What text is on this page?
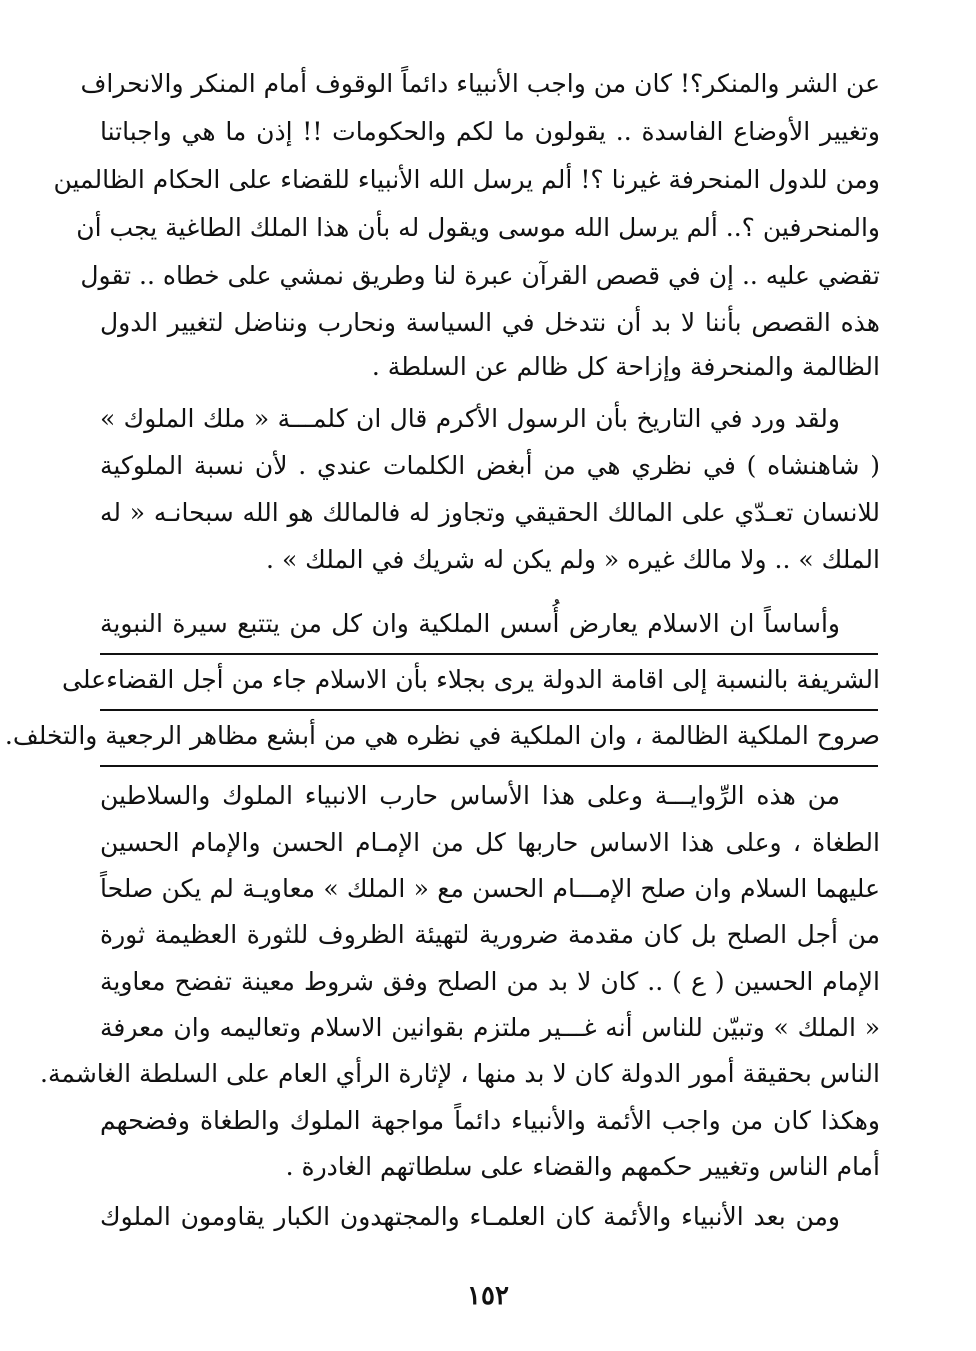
عن الشر والمنكر؟! كان من واجب الأنبياء دائماً الوقوف أمام المنكر والانحراف
وتغيير الأوضاع الفاسدة .. يقولون ما لكم والحكومات !! إذن ما هي واجباتنا
ومن للدول المنحرفة غيرنا ؟! ألم يرسل الله الأنبياء للقضاء على الحكام الظالمين
والمنحرفين ؟.. ألم يرسل الله موسى ويقول له بأن هذا الملك الطاغية يجب أن
تقضي عليه .. إن في قصص القرآن عبرة لنا وطريق نمشي على خطاه .. تقول
هذه القصص بأننا لا بد أن نتدخل في السياسة ونحارب ونناضل لتغيير الدول
الظالمة والمنحرفة وإزاحة كل ظالم عن السلطة .
ولقد ورد في التاريخ بأن الرسول الأكرم قال ان كلمـــة « ملك الملوك »
( شاهنشاه ) في نظري هي من أبغض الكلمات عندي . لأن نسبة الملوكية
للانسان تعـدّي على المالك الحقيقي وتجاوز له فالمالك هو الله سبحانـه « له
الملك » .. ولا مالك غيره « ولم يكن له شريك في الملك » .
وأساساً ان الاسلام يعارض أُسس الملكية وان كل من يتتبع سيرة النبوية
الشريفة بالنسبة إلى اقامة الدولة يرى بجلاء بأن الاسلام جاء من أجل القضاءعلى
صروح الملكية الظالمة ، وان الملكية في نظره هي من أبشع مظاهر الرجعية والتخلف.
من هذه الرِّوايـــة وعلى هذا الأساس حارب الانبياء الملوك والسلاطين
الطغاة ، وعلى هذا الاساس حاربها كل من الإمـام الحسن والإمام الحسين
عليهما السلام وان صلح الإمـــام الحسن مع « الملك » معاويـة لم يكن صلحاً
من أجل الصلح بل كان مقدمة ضرورية لتهيئة الظروف للثورة العظيمة ثورة
الإمام الحسين ( ع ) .. كان لا بد من الصلح وفق شروط معينة تفضح معاوية
« الملك » وتبيّن للناس أنه غـــير ملتزم بقوانين الاسلام وتعاليمه وان معرفة
الناس بحقيقة أمور الدولة كان لا بد منها ، لإثارة الرأي العام على السلطة الغاشمة.
وهكذا كان من واجب الأئمة والأنبياء دائماً مواجهة الملوك والطغاة وفضحهم
أمام الناس وتغيير حكمهم والقضاء على سلطاتهم الغادرة .
ومن بعد الأنبياء والأئمة كان العلمـاء والمجتهدون الكبار يقاومون الملوك
١٥٢
